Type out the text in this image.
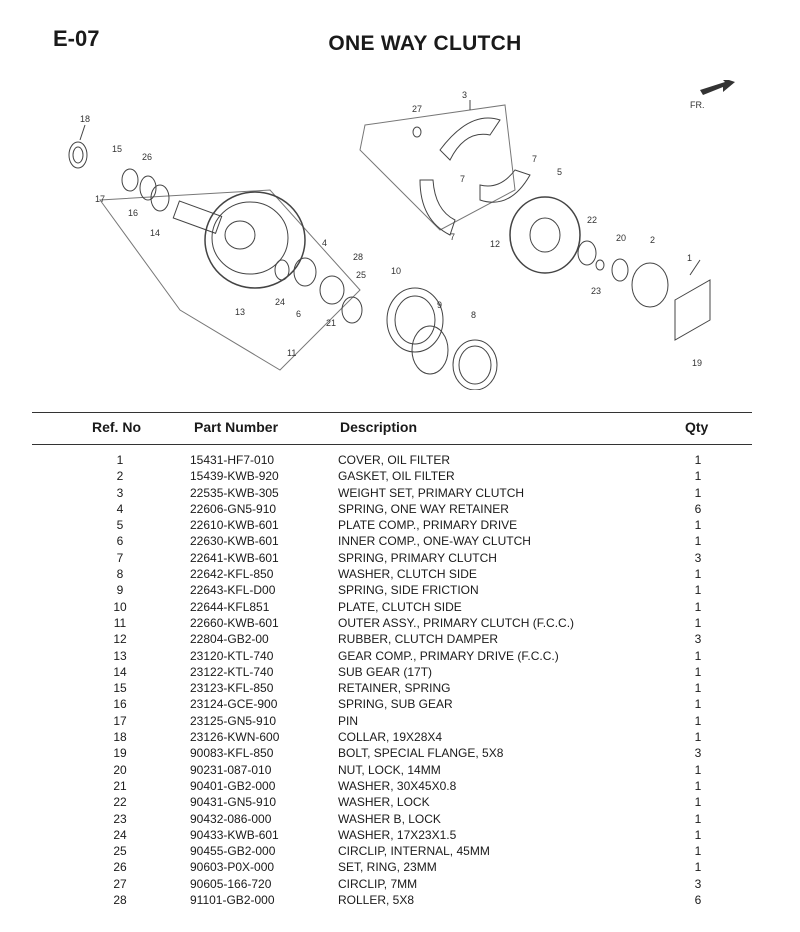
E-07	ONE WAY CLUTCH
FR.
18
15
26
17
16
14
13
4
28
24
6
25
21
11
27
3
7
7
7
12
5
22
20	2
23
1
19
10
9
8
Ref. No	Part Number	Description	Qty
1	15431-HF7-010	COVER, OIL FILTER	1
2	15439-KWB-920	GASKET, OIL FILTER	1
3	22535-KWB-305	WEIGHT SET, PRIMARY CLUTCH	1
4	22606-GN5-910	SPRING, ONE WAY RETAINER	6
5	22610-KWB-601	PLATE COMP., PRIMARY DRIVE	1
6	22630-KWB-601	INNER COMP., ONE-WAY CLUTCH	1
7	22641-KWB-601	SPRING, PRIMARY CLUTCH	3
8	22642-KFL-850	WASHER, CLUTCH SIDE	1
9	22643-KFL-D00	SPRING, SIDE FRICTION	1
10	22644-KFL851	PLATE, CLUTCH SIDE	1
11	22660-KWB-601	OUTER ASSY., PRIMARY CLUTCH (F.C.C.)	1
12	22804-GB2-00	RUBBER, CLUTCH DAMPER	3
13	23120-KTL-740	GEAR COMP., PRIMARY DRIVE (F.C.C.)	1
14	23122-KTL-740	SUB GEAR (17T)	1
15	23123-KFL-850	RETAINER, SPRING	1
16	23124-GCE-900	SPRING, SUB GEAR	1
17	23125-GN5-910	PIN	1
18	23126-KWN-600	COLLAR, 19X28X4	1
19	90083-KFL-850	BOLT, SPECIAL FLANGE, 5X8	3
20	90231-087-010	NUT, LOCK, 14MM	1
21	90401-GB2-000	WASHER, 30X45X0.8	1
22	90431-GN5-910	WASHER, LOCK	1
23	90432-086-000	WASHER B, LOCK	1
24	90433-KWB-601	WASHER, 17X23X1.5	1
25	90455-GB2-000	CIRCLIP, INTERNAL, 45MM	1
26	90603-P0X-000	SET, RING, 23MM	1
27	90605-166-720	CIRCLIP, 7MM	3
28	91101-GB2-000	ROLLER, 5X8	6
